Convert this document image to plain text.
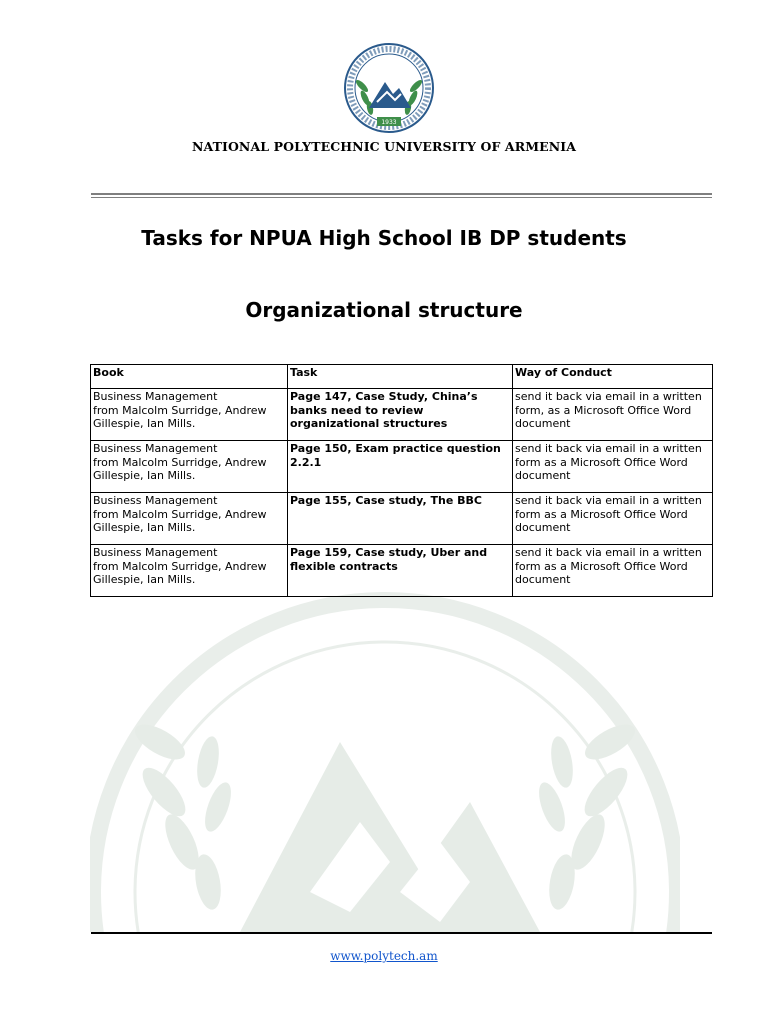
1933
NATIONAL POLYTECHNIC UNIVERSITY OF ARMENIA
Tasks for NPUA High School IB DP students
Organizational structure
Book	Task	Way of Conduct
Business Management
from Malcolm Surridge, Andrew
Gillespie, Ian Mills.	Page 147, Case Study, China’s
banks need to review
organizational structures	send it back via email in a written
form, as a Microsoft Office Word
document
Business Management
from Malcolm Surridge, Andrew
Gillespie, Ian Mills.	Page 150, Exam practice question
2.2.1	send it back via email in a written
form as a Microsoft Office Word
document
Business Management
from Malcolm Surridge, Andrew
Gillespie, Ian Mills.	Page 155, Case study, The BBC	send it back via email in a written
form as a Microsoft Office Word
document
Business Management
from Malcolm Surridge, Andrew
Gillespie, Ian Mills.	Page 159, Case study, Uber and
flexible contracts	send it back via email in a written
form as a Microsoft Office Word
document
www.polytech.am
